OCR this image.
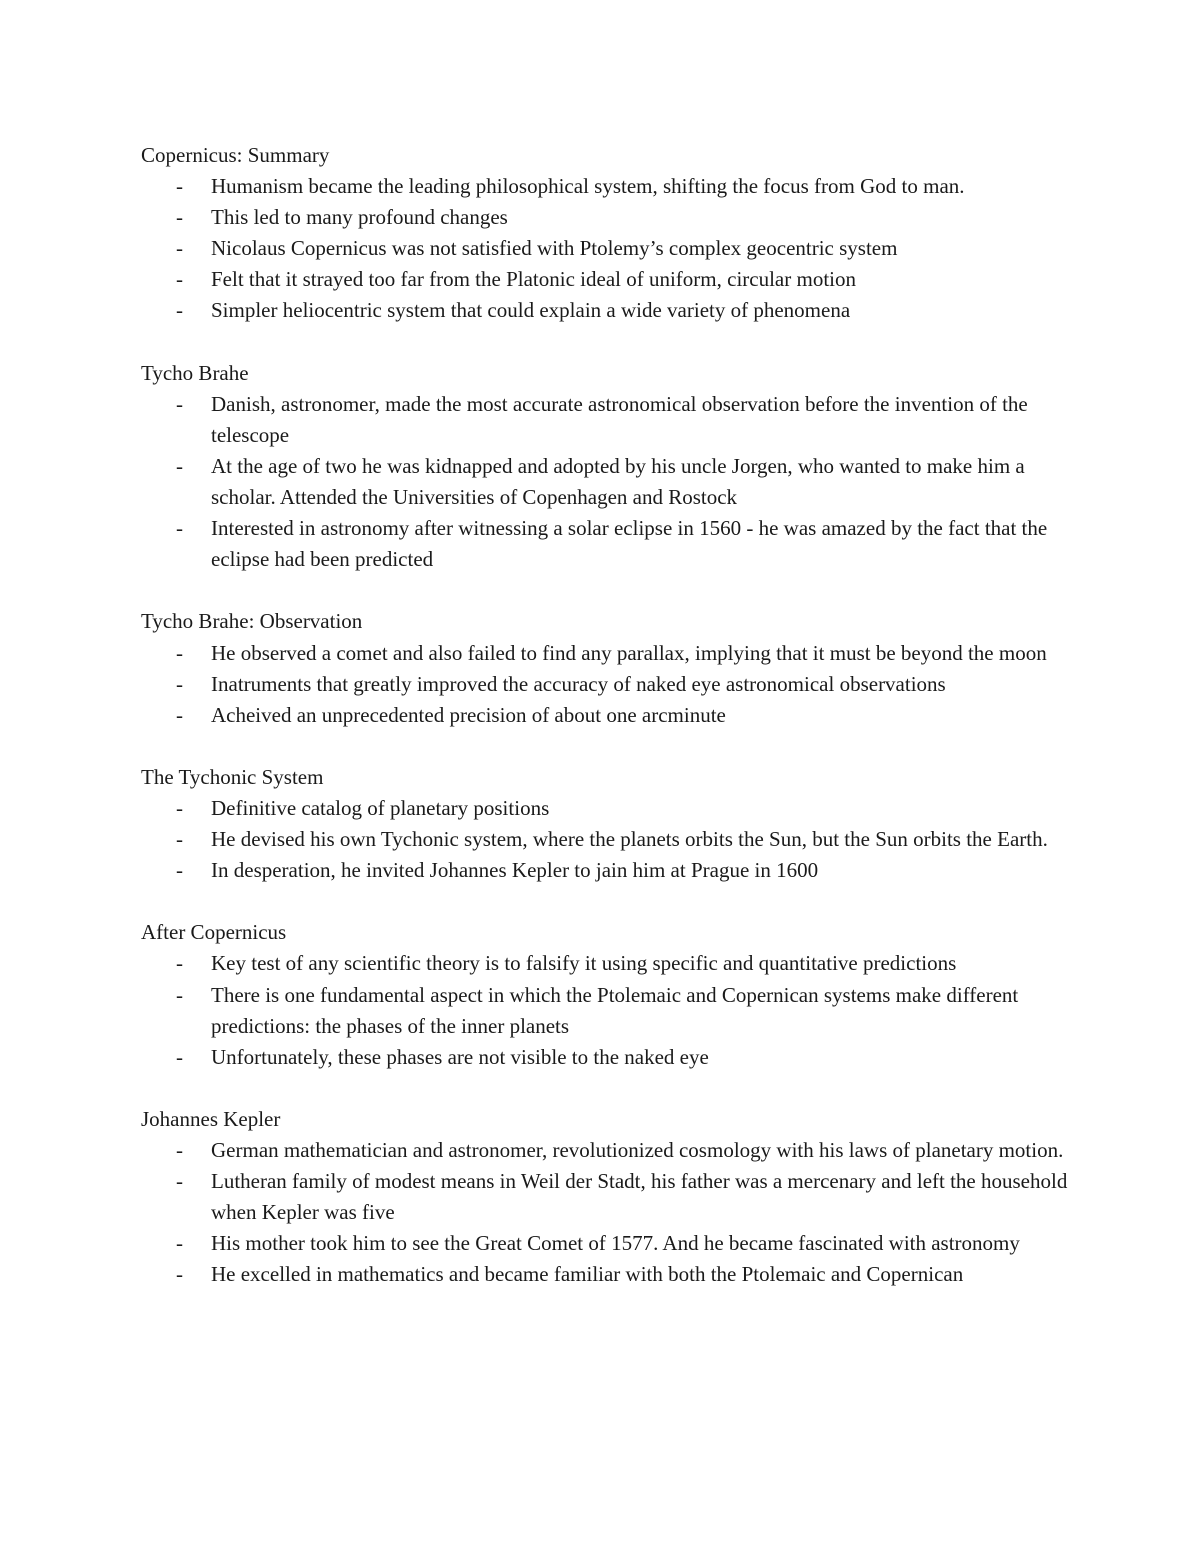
Copernicus: Summary
- Humanism became the leading philosophical system, shifting the focus from God to man.
- This led to many profound changes
- Nicolaus Copernicus was not satisfied with Ptolemy’s complex geocentric system
- Felt that it strayed too far from the Platonic ideal of uniform, circular motion
- Simpler heliocentric system that could explain a wide variety of phenomena
Tycho Brahe
- Danish, astronomer, made the most accurate astronomical observation before the invention of the telescope
- At the age of two he was kidnapped and adopted by his uncle Jorgen, who wanted to make him a scholar. Attended the Universities of Copenhagen and Rostock
- Interested in astronomy after witnessing a solar eclipse in 1560 - he was amazed by the fact that the eclipse had been predicted
Tycho Brahe: Observation
- He observed a comet and also failed to find any parallax, implying that it must be beyond the moon
- Inatruments that greatly improved the accuracy of naked eye astronomical observations
- Acheived an unprecedented precision of about one arcminute
The Tychonic System
- Definitive catalog of planetary positions
- He devised his own Tychonic system, where the planets orbits the Sun, but the Sun orbits the Earth.
- In desperation, he invited Johannes Kepler to jain him at Prague in 1600
After Copernicus
- Key test of any scientific theory is to falsify it using specific and quantitative predictions
- There is one fundamental aspect in which the Ptolemaic and Copernican systems make different predictions: the phases of the inner planets
- Unfortunately, these phases are not visible to the naked eye
Johannes Kepler
- German mathematician and astronomer, revolutionized cosmology with his laws of planetary motion.
- Lutheran family of modest means in Weil der Stadt, his father was a mercenary and left the household when Kepler was five
- His mother took him to see the Great Comet of 1577. And he became fascinated with astronomy
- He excelled in mathematics and became familiar with both the Ptolemaic and Copernican
